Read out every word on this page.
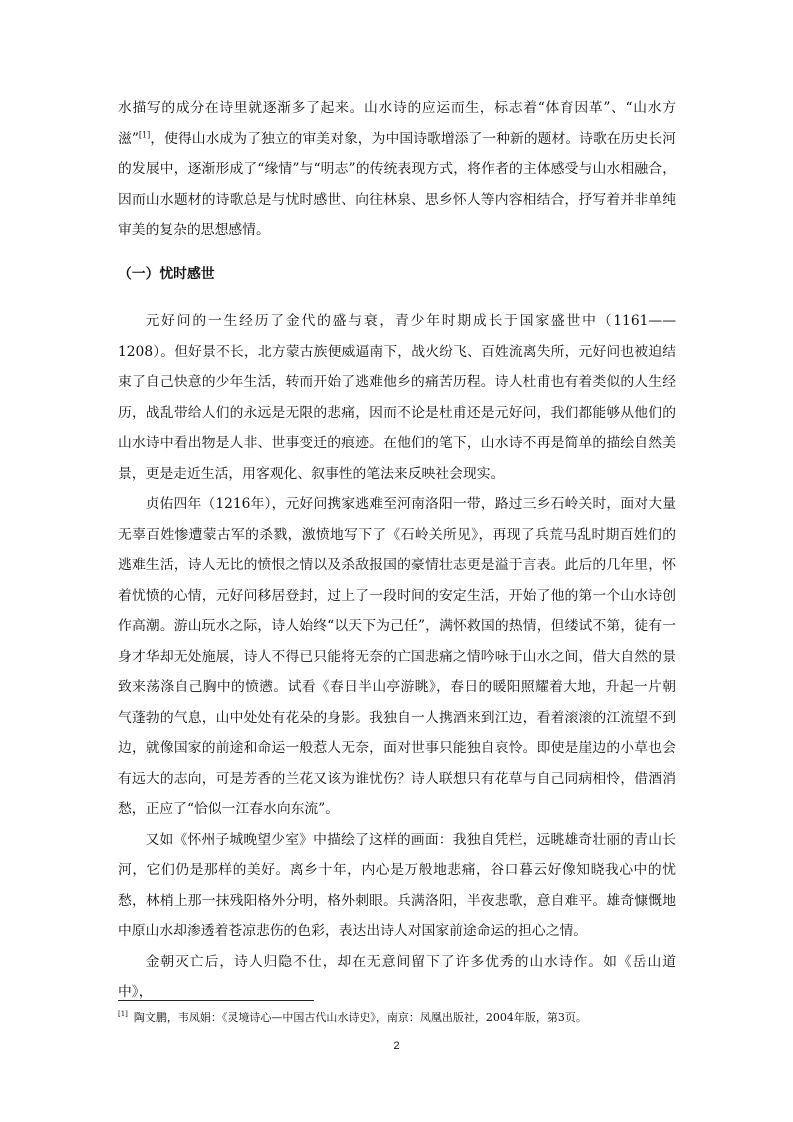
水描写的成分在诗里就逐渐多了起来。山水诗的应运而生，标志着“体育因革”、“山水方滋”[1]，使得山水成为了独立的审美对象，为中国诗歌增添了一种新的题材。诗歌在历史长河的发展中，逐渐形成了“缘情”与“明志”的传统表现方式，将作者的主体感受与山水相融合，因而山水题材的诗歌总是与忧时感世、向往林泉、思乡怀人等内容相结合，抒写着并非单纯审美的复杂的思想感情。

（一）忧时感世

元好问的一生经历了金代的盛与衰，青少年时期成长于国家盛世中（1161——1208）。但好景不长，北方蒙古族便威逼南下，战火纷飞、百姓流离失所，元好问也被迫结束了自己快意的少年生活，转而开始了逃难他乡的痛苦历程。诗人杜甫也有着类似的人生经历，战乱带给人们的永远是无限的悲痛，因而不论是杜甫还是元好问，我们都能够从他们的山水诗中看出物是人非、世事变迁的痕迹。在他们的笔下，山水诗不再是简单的描绘自然美景，更是走近生活，用客观化、叙事性的笔法来反映社会现实。

贞佑四年（1216年），元好问携家逃难至河南洛阳一带，路过三乡石岭关时，面对大量无辜百姓惨遭蒙古军的杀戮，激愤地写下了《石岭关所见》，再现了兵荒马乱时期百姓们的逃难生活，诗人无比的愤恨之情以及杀敌报国的豪情壮志更是溢于言表。此后的几年里，怀着忧愤的心情，元好问移居登封，过上了一段时间的安定生活，开始了他的第一个山水诗创作高潮。游山玩水之际，诗人始终“以天下为己任”，满怀救国的热情，但缕试不第，徒有一身才华却无处施展，诗人不得已只能将无奈的亡国悲痛之情吟咏于山水之间，借大自然的景致来荡涤自己胸中的愤懑。试看《春日半山亭游眺》，春日的暖阳照耀着大地，升起一片朝气蓬勃的气息，山中处处有花朵的身影。我独自一人携酒来到江边，看着滚滚的江流望不到边，就像国家的前途和命运一般惹人无奈，面对世事只能独自哀怜。即使是崖边的小草也会有远大的志向，可是芳香的兰花又该为谁忧伤？诗人联想只有花草与自己同病相怜，借酒消愁，正应了“恰似一江春水向东流”。

又如《怀州子城晚望少室》中描绘了这样的画面：我独自凭栏，远眺雄奇壮丽的青山长河，它们仍是那样的美好。离乡十年，内心是万般地悲痛，谷口暮云好像知晓我心中的忧愁，林梢上那一抹残阳格外分明，格外刺眼。兵满洛阳，半夜悲歌，意自难平。雄奇慷慨地中原山水却渗透着苍凉悲伤的色彩，表达出诗人对国家前途命运的担心之情。

金朝灭亡后，诗人归隐不仕，却在无意间留下了许多优秀的山水诗作。如《岳山道中》，

[1] 陶文鹏，韦凤娟：《灵境诗心—中国古代山水诗史》，南京：凤凰出版社，2004年版，第3页。
2
